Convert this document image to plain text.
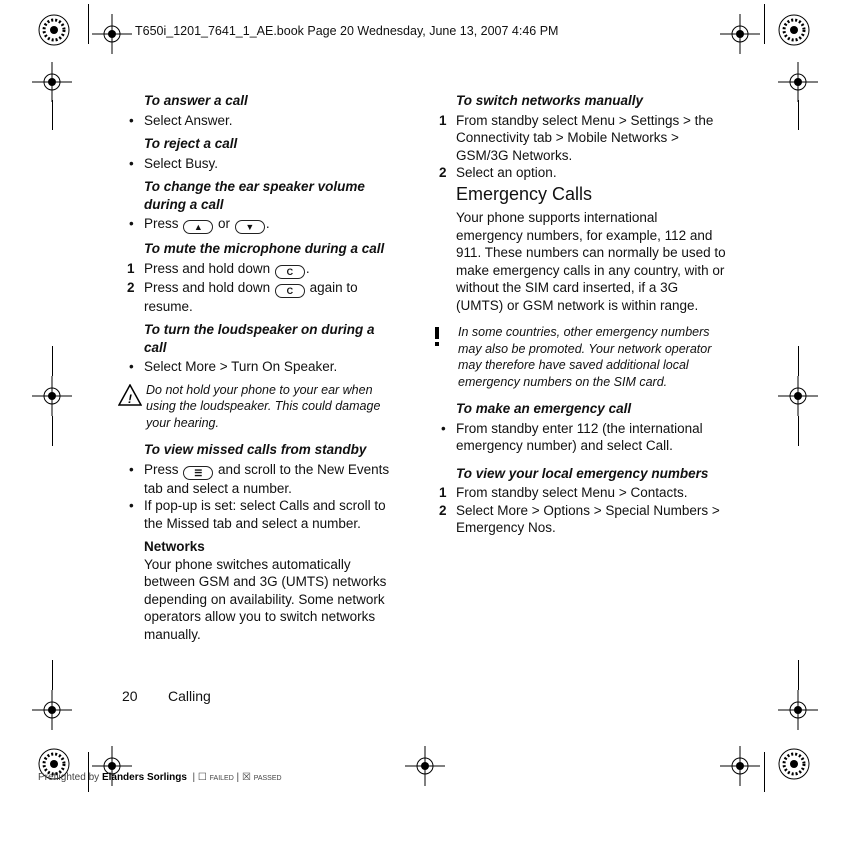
T650i_1201_7641_1_AE.book Page 20 Wednesday, June 13, 2007 4:46 PM
To answer a call
• Select Answer.
To reject a call
• Select Busy.
To change the ear speaker volume during a call
• Press ▲ or ▼ .
To mute the microphone during a call
1 Press and hold down C .
2 Press and hold down C again to resume.
To turn the loudspeaker on during a call
• Select More > Turn On Speaker.
!
Do not hold your phone to your ear when using the loudspeaker. This could damage your hearing.
To view missed calls from standby
• Press ☰ and scroll to the New Events tab and select a number.
• If pop-up is set: select Calls and scroll to the Missed tab and select a number.
Networks
Your phone switches automatically between GSM and 3G (UMTS) networks depending on availability. Some network operators allow you to switch networks manually.
To switch networks manually
1 From standby select Menu > Settings > the Connectivity tab > Mobile Networks > GSM/3G Networks.
2 Select an option.
Emergency Calls
Your phone supports international emergency numbers, for example, 112 and 911. These numbers can normally be used to make emergency calls in any country, with or without the SIM card inserted, if a 3G (UMTS) or GSM network is within range.
In some countries, other emergency numbers may also be promoted. Your network operator may therefore have saved additional local emergency numbers on the SIM card.
To make an emergency call
• From standby enter 112 (the international emergency number) and select Call.
To view your local emergency numbers
1 From standby select Menu > Contacts.
2 Select More > Options > Special Numbers > Emergency Nos.
20 Calling
Preflighted by Elanders Sorlings  | ☐ FAILED | ☒ PASSED
